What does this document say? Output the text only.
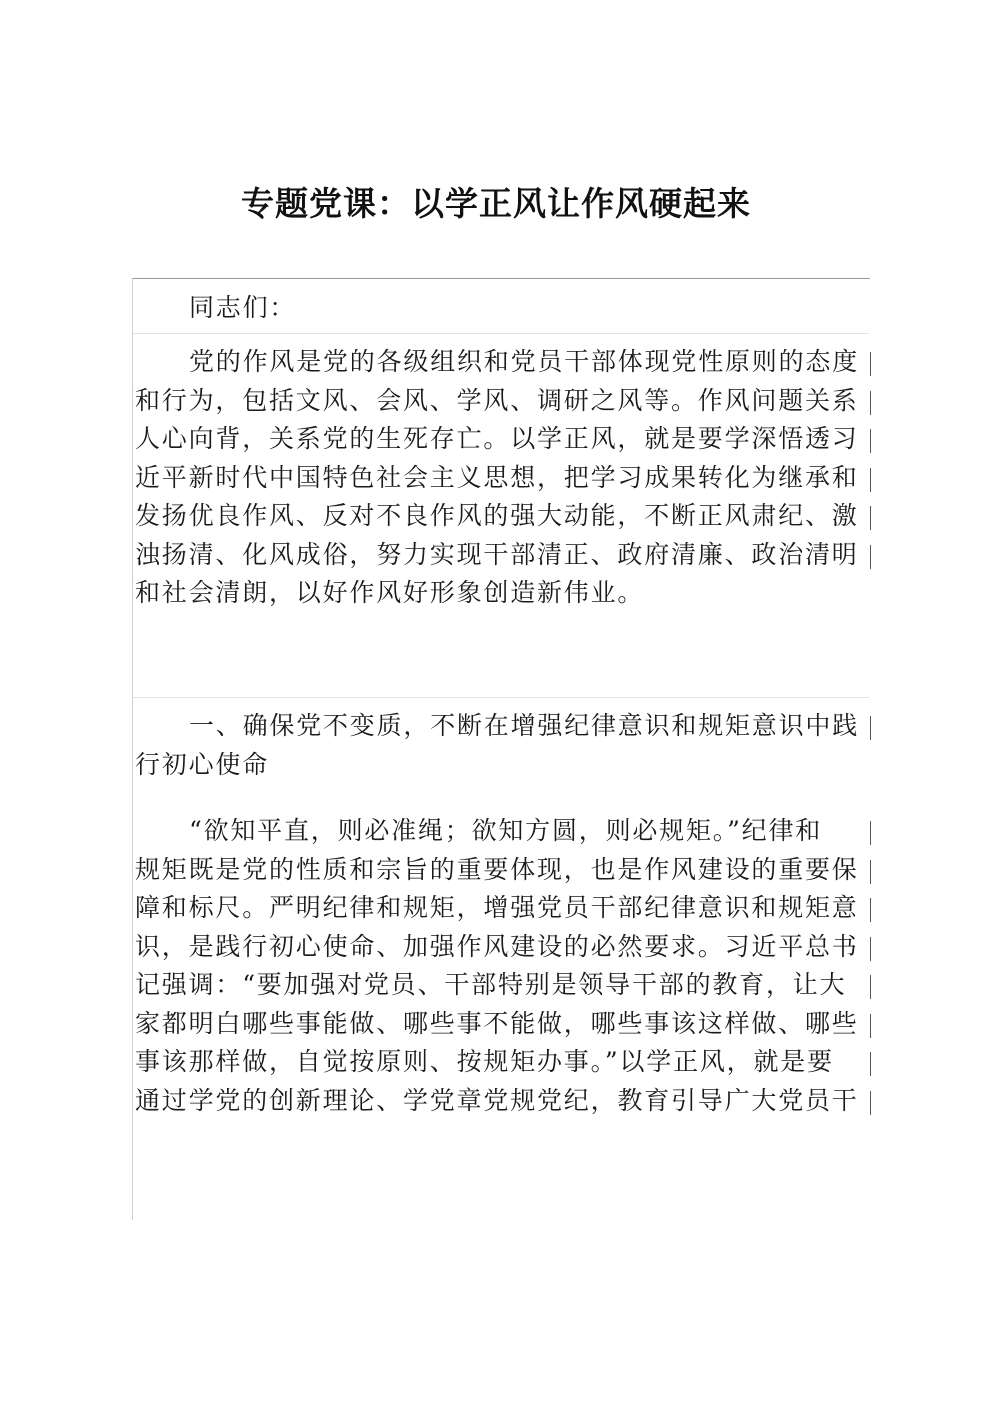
专题党课：以学正风让作风硬起来
同志们：
党的作风是党的各级组织和党员干部体现党性原则的态度
和行为，包括文风、会风、学风、调研之风等。作风问题关系
人心向背，关系党的生死存亡。以学正风，就是要学深悟透习
近平新时代中国特色社会主义思想，把学习成果转化为继承和
发扬优良作风、反对不良作风的强大动能，不断正风肃纪、激
浊扬清、化风成俗，努力实现干部清正、政府清廉、政治清明
和社会清朗，以好作风好形象创造新伟业。
一、确保党不变质，不断在增强纪律意识和规矩意识中践
行初心使命
“欲知平直，则必准绳；欲知方圆，则必规矩。”纪律和
规矩既是党的性质和宗旨的重要体现，也是作风建设的重要保
障和标尺。严明纪律和规矩，增强党员干部纪律意识和规矩意
识，是践行初心使命、加强作风建设的必然要求。习近平总书
记强调：“要加强对党员、干部特别是领导干部的教育，让大
家都明白哪些事能做、哪些事不能做，哪些事该这样做、哪些
事该那样做，自觉按原则、按规矩办事。”以学正风，就是要
通过学党的创新理论、学党章党规党纪，教育引导广大党员干
